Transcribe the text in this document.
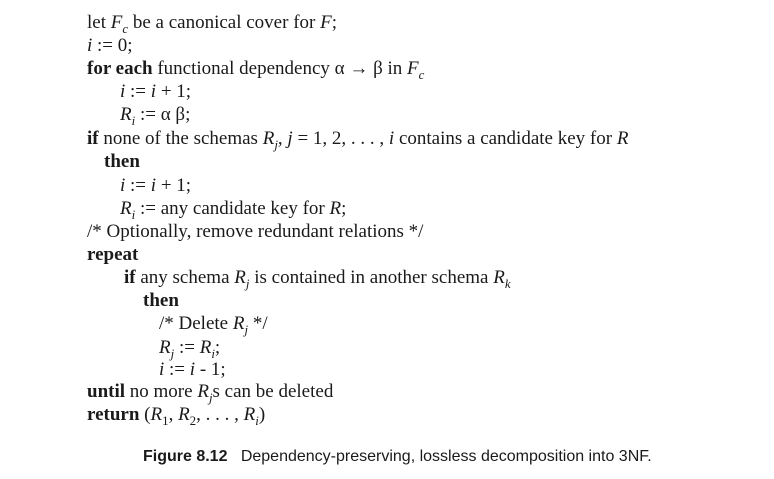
let $F_c$ be a canonical cover for F;
i := 0;
for each functional dependency α → β in $F_c$
i := i + 1;
$R_i$ := α β;
if none of the schemas $R_j$, j = 1, 2, . . . , i contains a candidate key for R
then
i := i + 1;
$R_i$ := any candidate key for R;
/* Optionally, remove redundant relations */
repeat
if any schema $R_j$ is contained in another schema $R_k$
then
/* Delete $R_j$ */
$R_j$ := $R_i$;
i := i - 1;
until no more $R_js$ can be deleted
return ($R_1$, $R_2$, . . . , $R_i$)
Figure 8.12   Dependency-preserving, lossless decomposition into 3NF.
